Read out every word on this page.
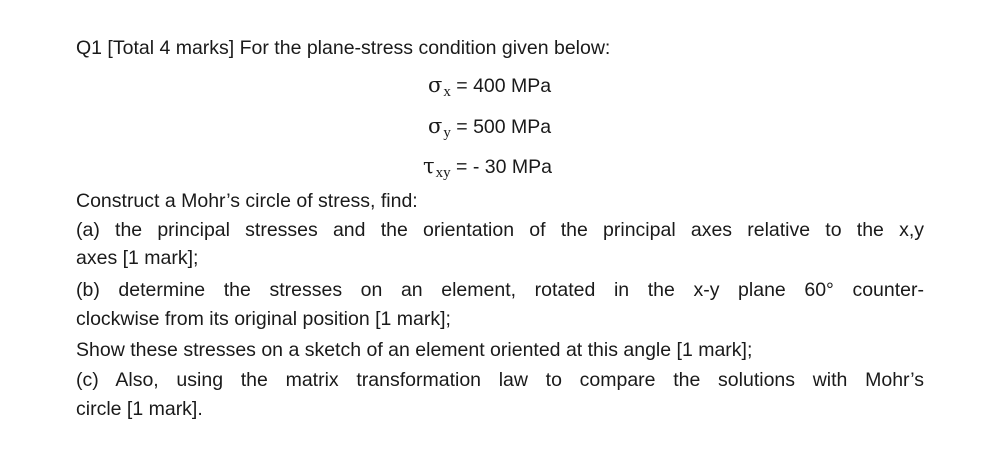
Q1 [Total 4 marks] For the plane-stress condition given below:
$\sigma_x = 400$ MPa
$\sigma_y = 500$ MPa
$\tau_{xy}$ = - 30 MPa
Construct a Mohr’s circle of stress, find:
(a) the principal stresses and the orientation of the principal axes relative to the x,y
axes [1 mark];
(b) determine the stresses on an element, rotated in the x-y plane 60° counter-
clockwise from its original position [1 mark];
Show these stresses on a sketch of an element oriented at this angle [1 mark];
(c) Also, using the matrix transformation law to compare the solutions with Mohr’s
circle [1 mark].
